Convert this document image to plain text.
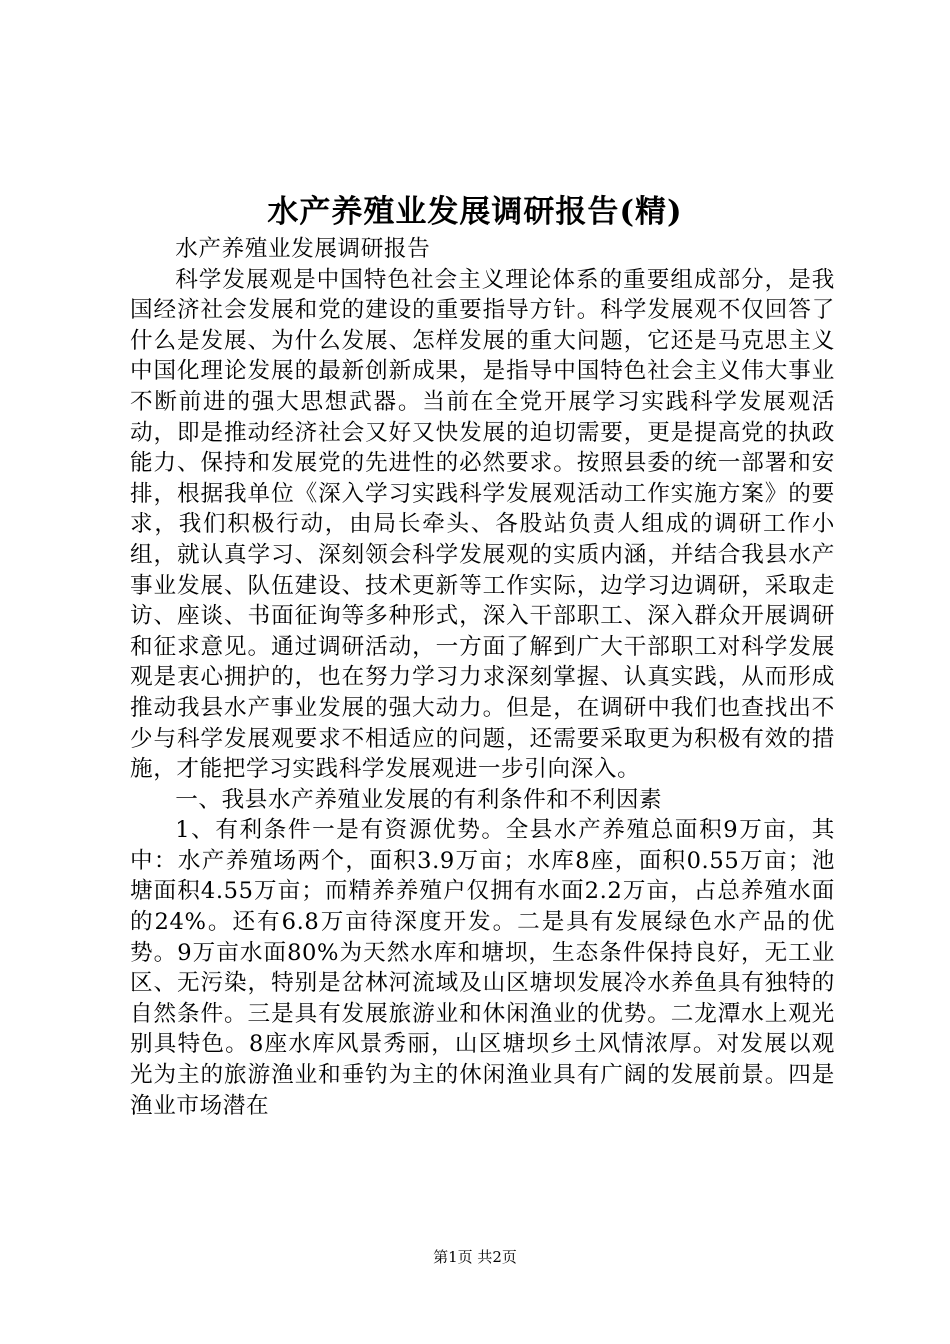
水产养殖业发展调研报告(精)

水产养殖业发展调研报告

科学发展观是中国特色社会主义理论体系的重要组成部分，是我国经济社会发展和党的建设的重要指导方针。科学发展观不仅回答了什么是发展、为什么发展、怎样发展的重大问题，它还是马克思主义中国化理论发展的最新创新成果，是指导中国特色社会主义伟大事业不断前进的强大思想武器。当前在全党开展学习实践科学发展观活动，即是推动经济社会又好又快发展的迫切需要，更是提高党的执政能力、保持和发展党的先进性的必然要求。按照县委的统一部署和安排，根据我单位《深入学习实践科学发展观活动工作实施方案》的要求，我们积极行动，由局长牵头、各股站负责人组成的调研工作小组，就认真学习、深刻领会科学发展观的实质内涵，并结合我县水产事业发展、队伍建设、技术更新等工作实际，边学习边调研，采取走访、座谈、书面征询等多种形式，深入干部职工、深入群众开展调研和征求意见。通过调研活动，一方面了解到广大干部职工对科学发展观是衷心拥护的，也在努力学习力求深刻掌握、认真实践，从而形成推动我县水产事业发展的强大动力。但是，在调研中我们也查找出不少与科学发展观要求不相适应的问题，还需要采取更为积极有效的措施，才能把学习实践科学发展观进一步引向深入。

一、我县水产养殖业发展的有利条件和不利因素

1、有利条件一是有资源优势。全县水产养殖总面积9万亩，其中：水产养殖场两个，面积3.9万亩；水库8座，面积0.55万亩；池塘面积4.55万亩；而精养养殖户仅拥有水面2.2万亩，占总养殖水面的24%。还有6.8万亩待深度开发。二是具有发展绿色水产品的优势。9万亩水面80%为天然水库和塘坝，生态条件保持良好，无工业区、无污染，特别是岔林河流域及山区塘坝发展冷水养鱼具有独特的自然条件。三是具有发展旅游业和休闲渔业的优势。二龙潭水上观光别具特色。8座水库风景秀丽，山区塘坝乡土风情浓厚。对发展以观光为主的旅游渔业和垂钓为主的休闲渔业具有广阔的发展前景。四是渔业市场潜在

第1页 共2页
